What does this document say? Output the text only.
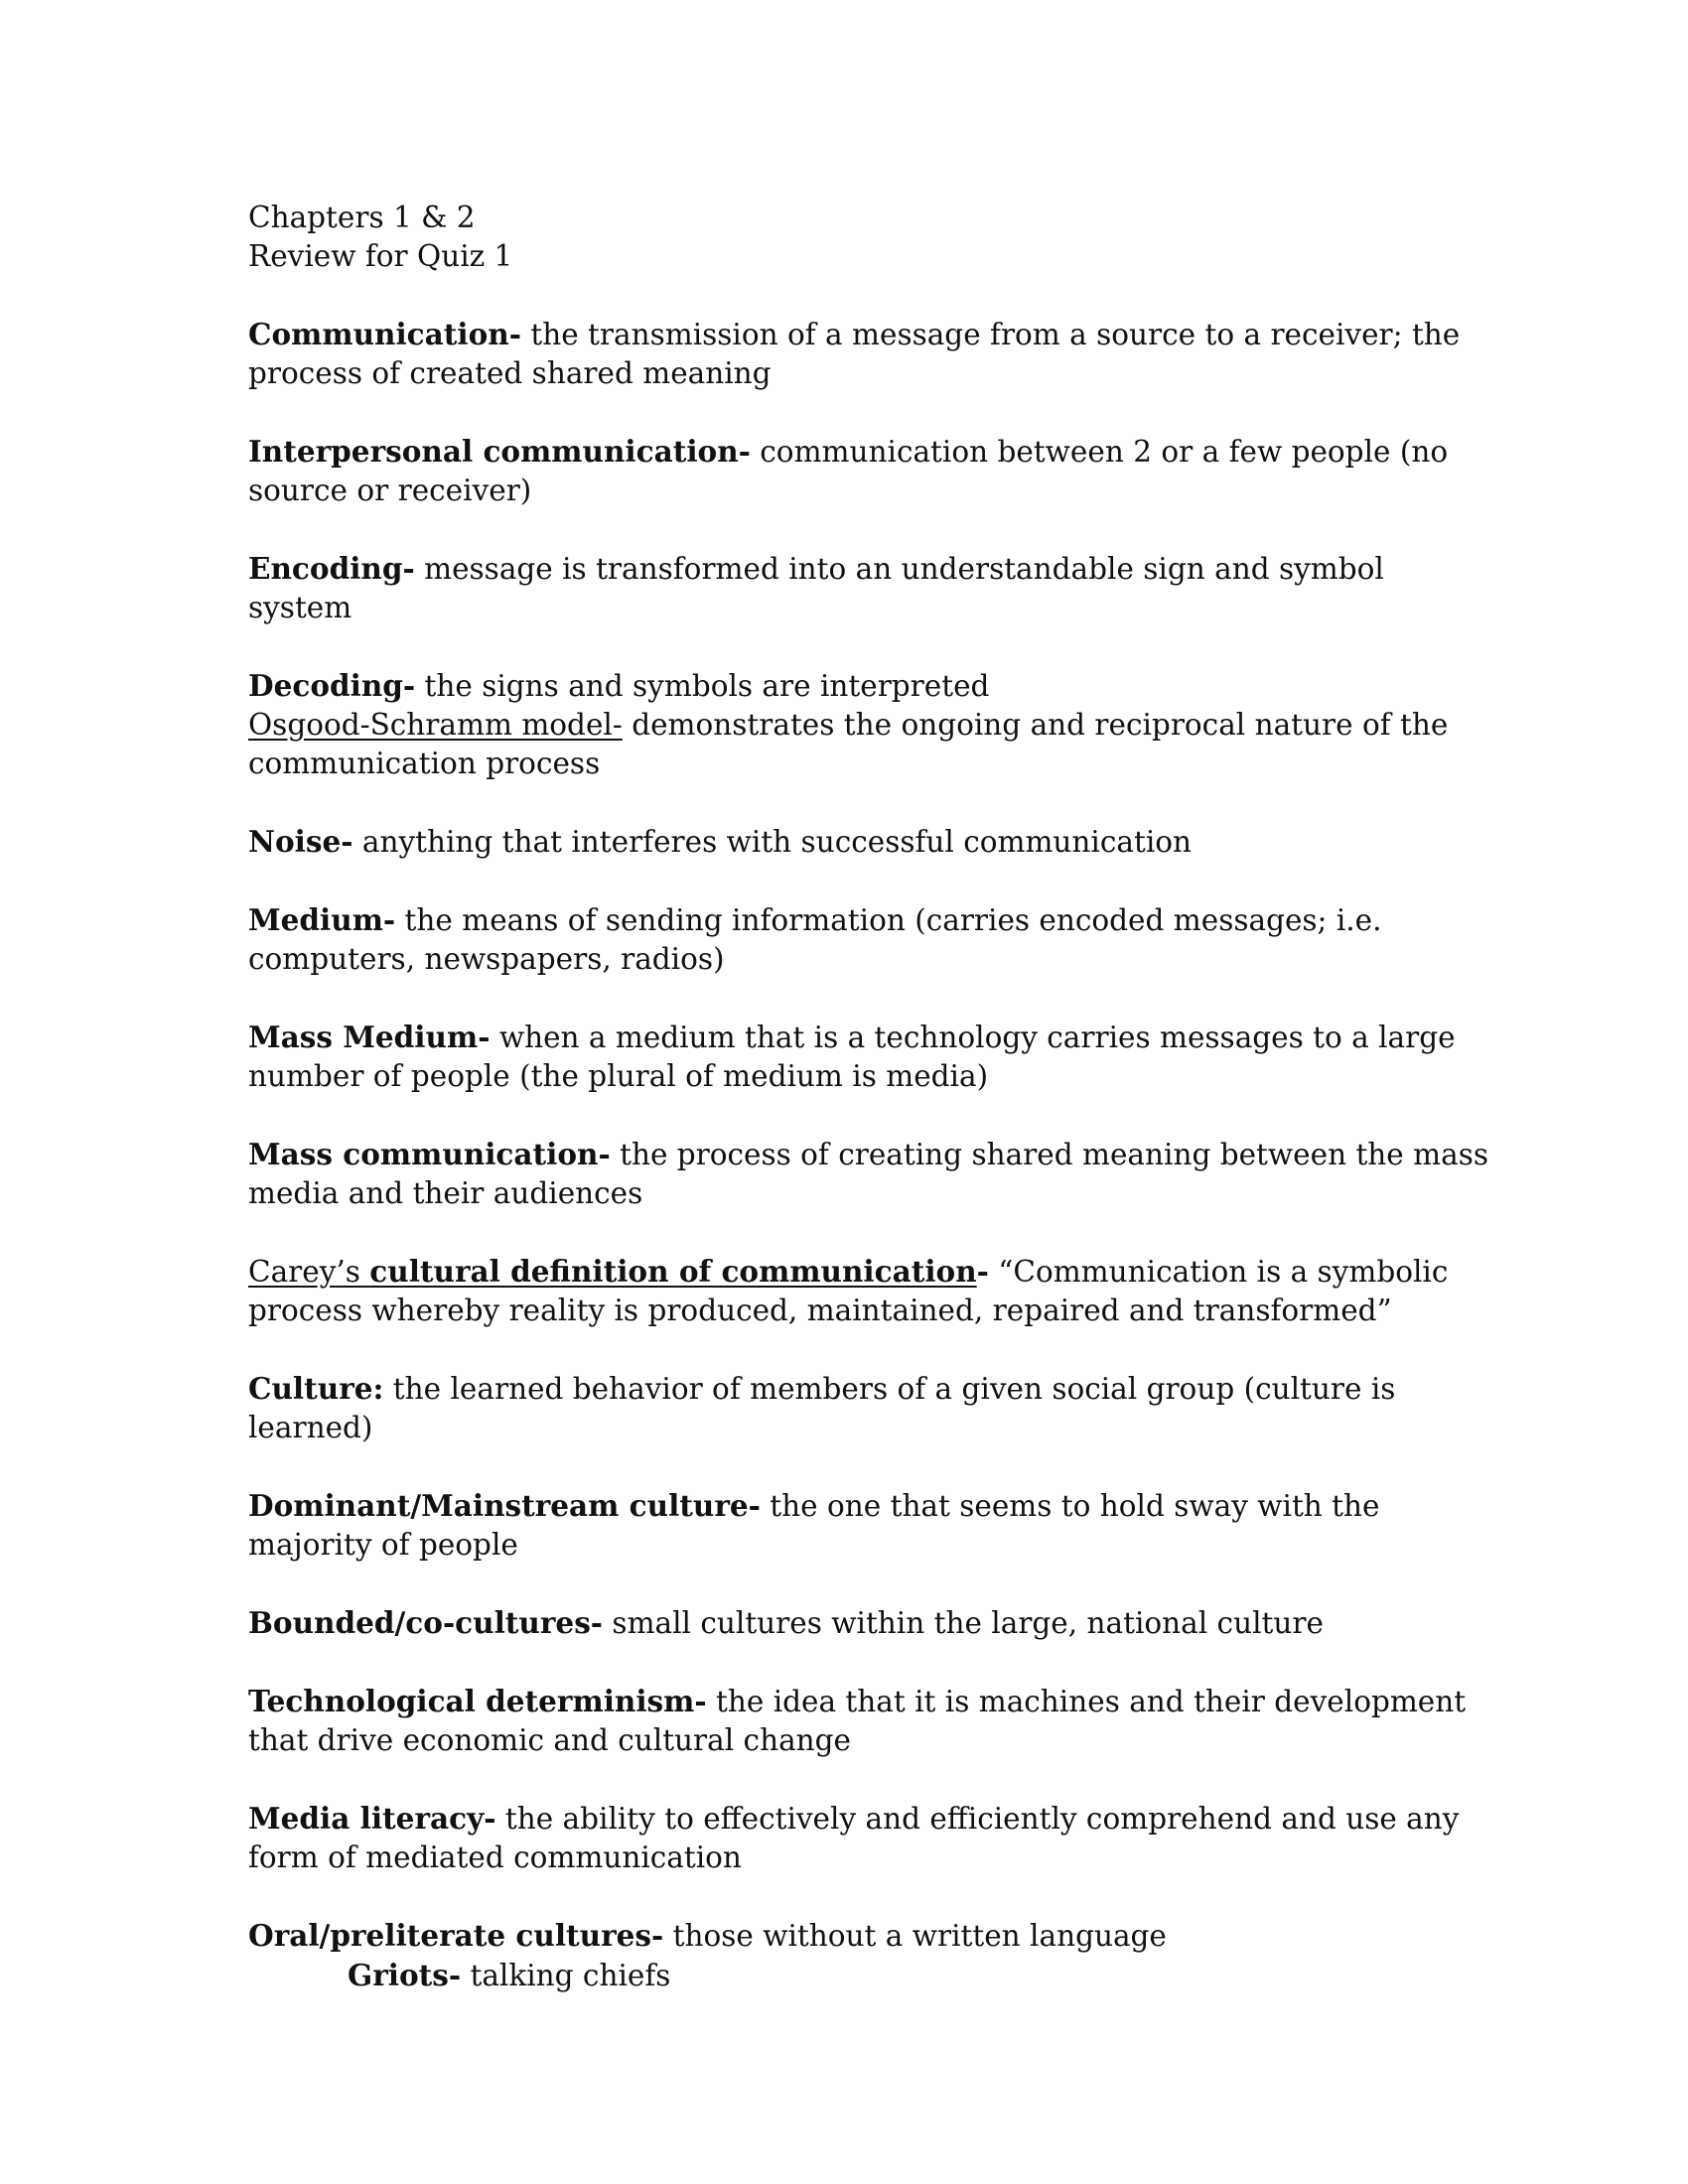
Chapters 1 & 2
Review for Quiz 1

Communication- the transmission of a message from a source to a receiver; the process of created shared meaning

Interpersonal communication- communication between 2 or a few people (no source or receiver)

Encoding- message is transformed into an understandable sign and symbol system

Decoding- the signs and symbols are interpreted

Osgood-Schramm model- demonstrates the ongoing and reciprocal nature of the communication process

Noise- anything that interferes with successful communication

Medium- the means of sending information (carries encoded messages; i.e. computers, newspapers, radios)

Mass Medium- when a medium that is a technology carries messages to a large number of people (the plural of medium is media)

Mass communication- the process of creating shared meaning between the mass media and their audiences

Carey’s cultural definition of communication- “Communication is a symbolic process whereby reality is produced, maintained, repaired and transformed”

Culture: the learned behavior of members of a given social group (culture is learned)

Dominant/Mainstream culture- the one that seems to hold sway with the majority of people

Bounded/co-cultures- small cultures within the large, national culture

Technological determinism- the idea that it is machines and their development that drive economic and cultural change

Media literacy- the ability to effectively and efficiently comprehend and use any form of mediated communication

Oral/preliterate cultures- those without a written language

Griots- talking chiefs
